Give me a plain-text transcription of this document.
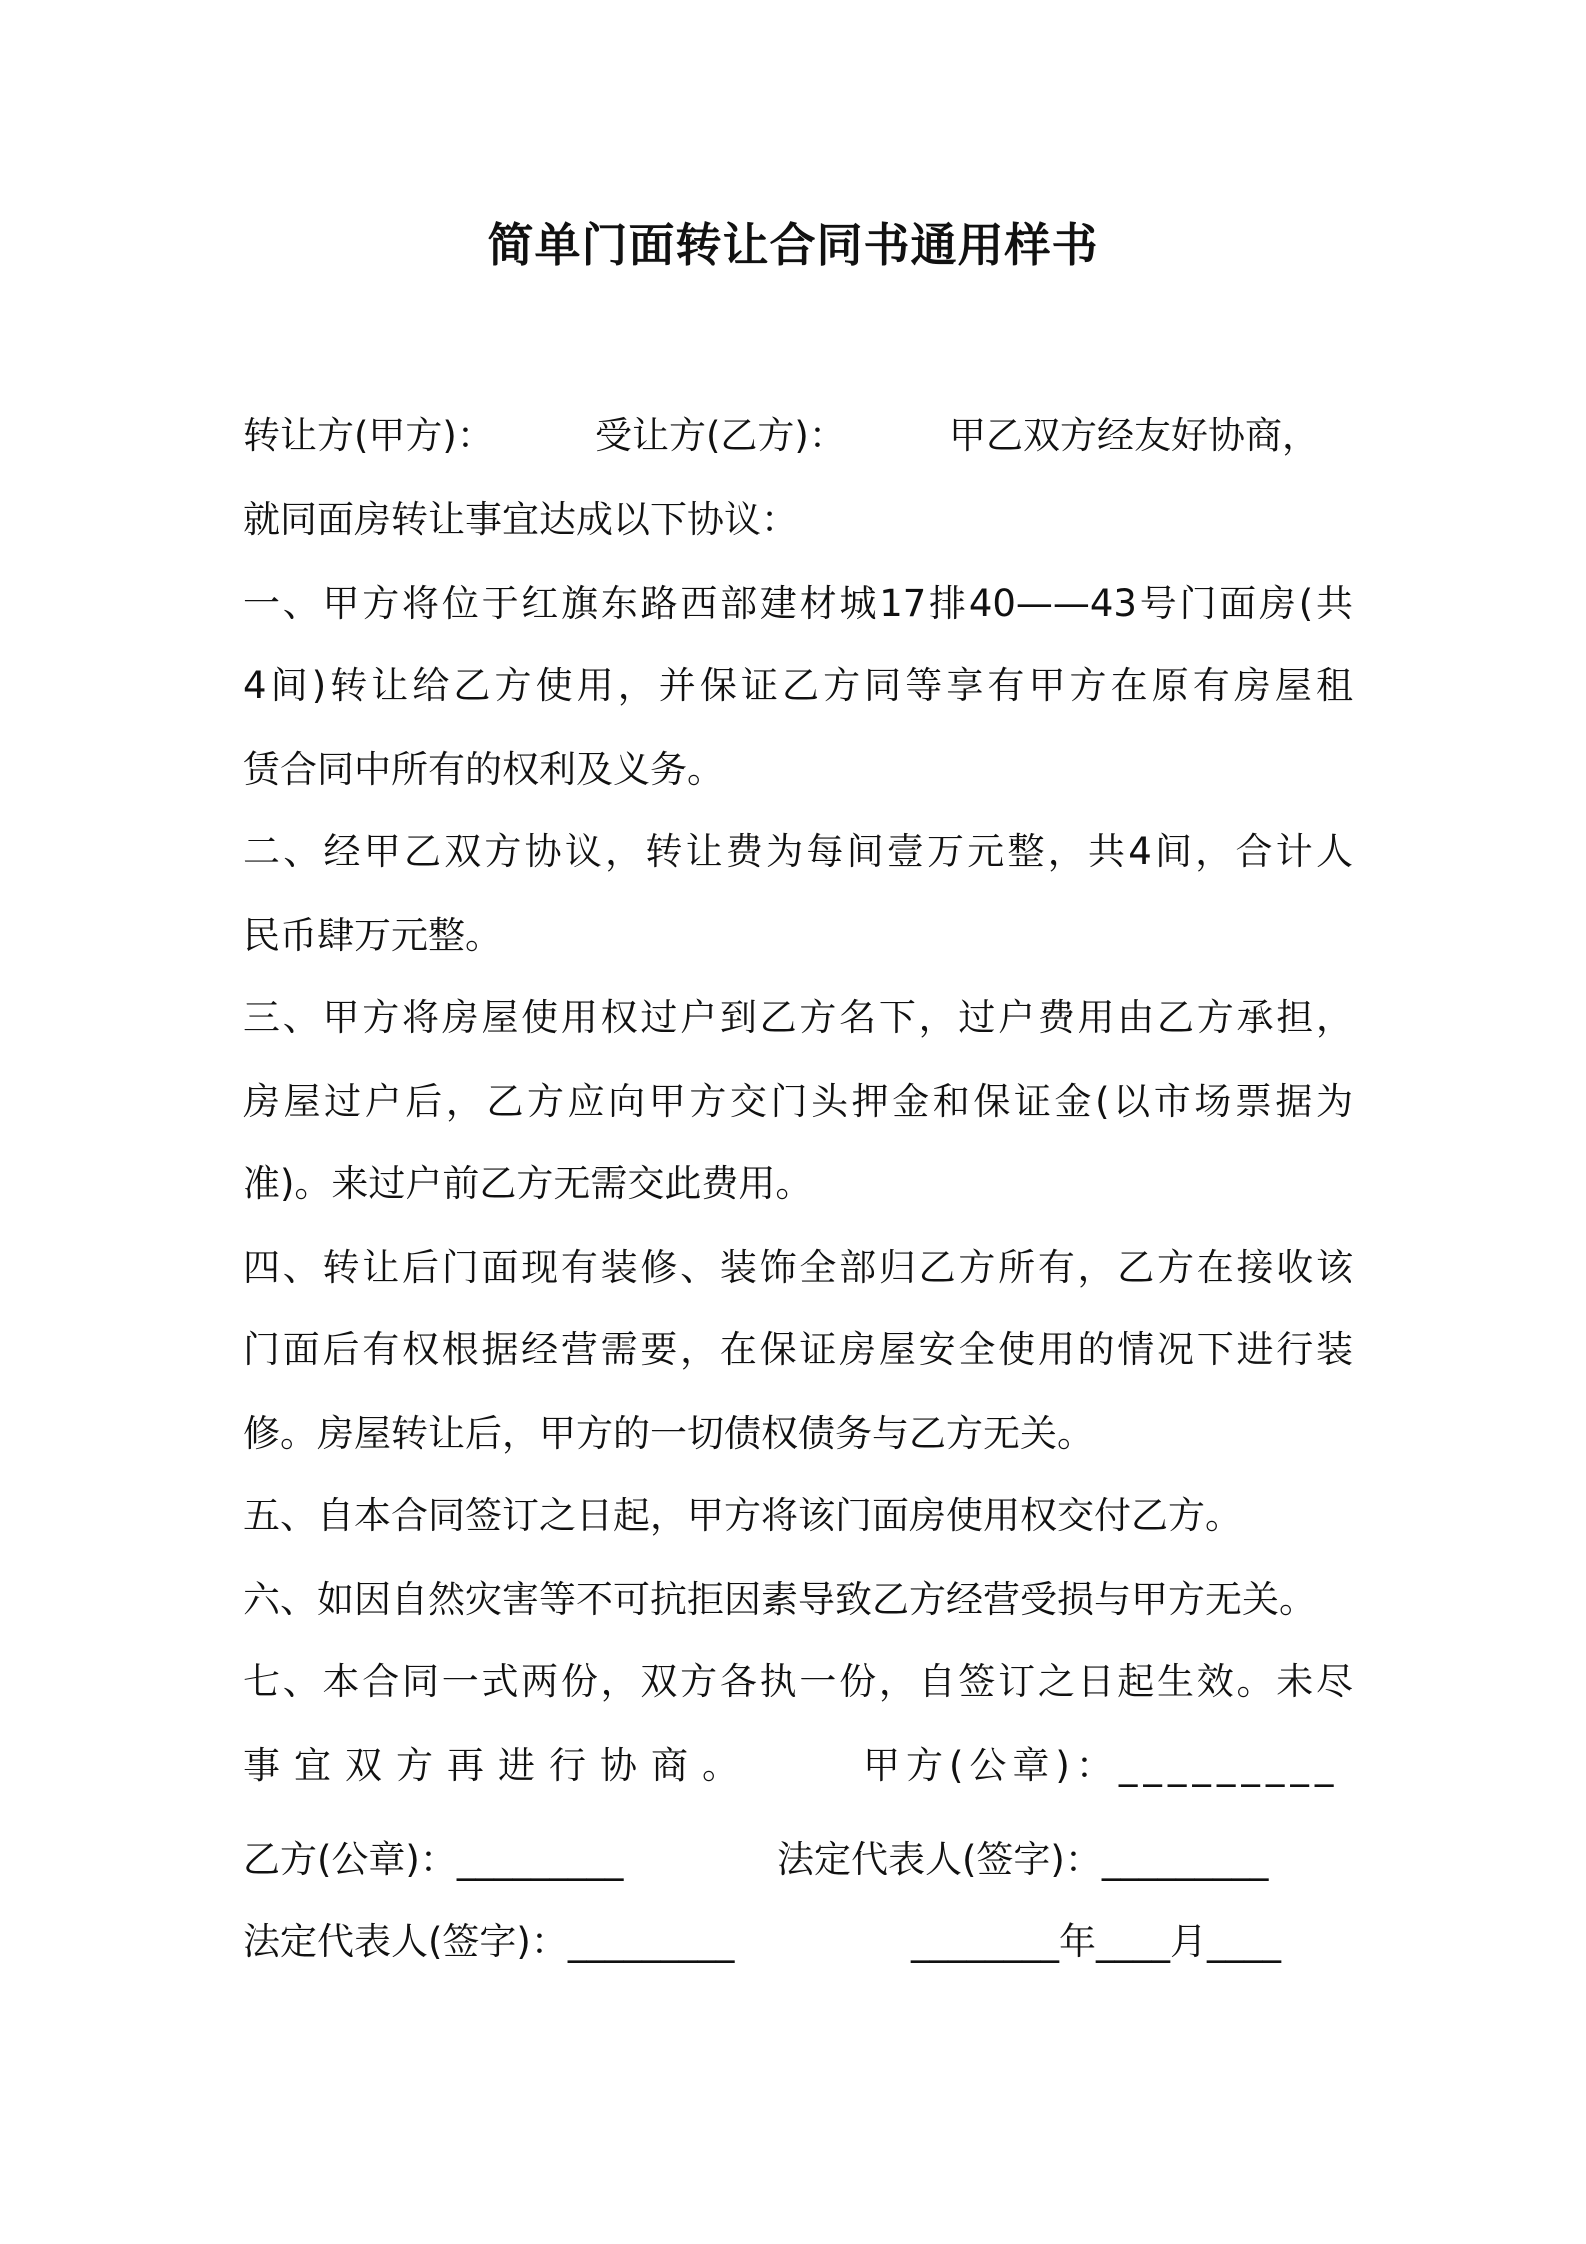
简单门面转让合同书通用样书
转让方(甲方)：	受让方(乙方)：	甲乙双方经友好协商，
就同面房转让事宜达成以下协议：
一、甲方将位于红旗东路西部建材城17排40——43号门面房(共
4间)转让给乙方使用，并保证乙方同等享有甲方在原有房屋租
赁合同中所有的权利及义务。
二、经甲乙双方协议，转让费为每间壹万元整，共4间，合计人
民币肆万元整。
三、甲方将房屋使用权过户到乙方名下，过户费用由乙方承担，
房屋过户后，乙方应向甲方交门头押金和保证金(以市场票据为
准)。来过户前乙方无需交此费用。
四、转让后门面现有装修、装饰全部归乙方所有，乙方在接收该
门面后有权根据经营需要，在保证房屋安全使用的情况下进行装
修。房屋转让后，甲方的一切债权债务与乙方无关。
五、自本合同签订之日起，甲方将该门面房使用权交付乙方。
六、如因自然灾害等不可抗拒因素导致乙方经营受损与甲方无关。
七、本合同一式两份，双方各执一份，自签订之日起生效。未尽
事宜双方再进行协商。	甲方(公章)：_________
乙方(公章)：_________	法定代表人(签字)：_________
法定代表人(签字)：_________	________年____月____
